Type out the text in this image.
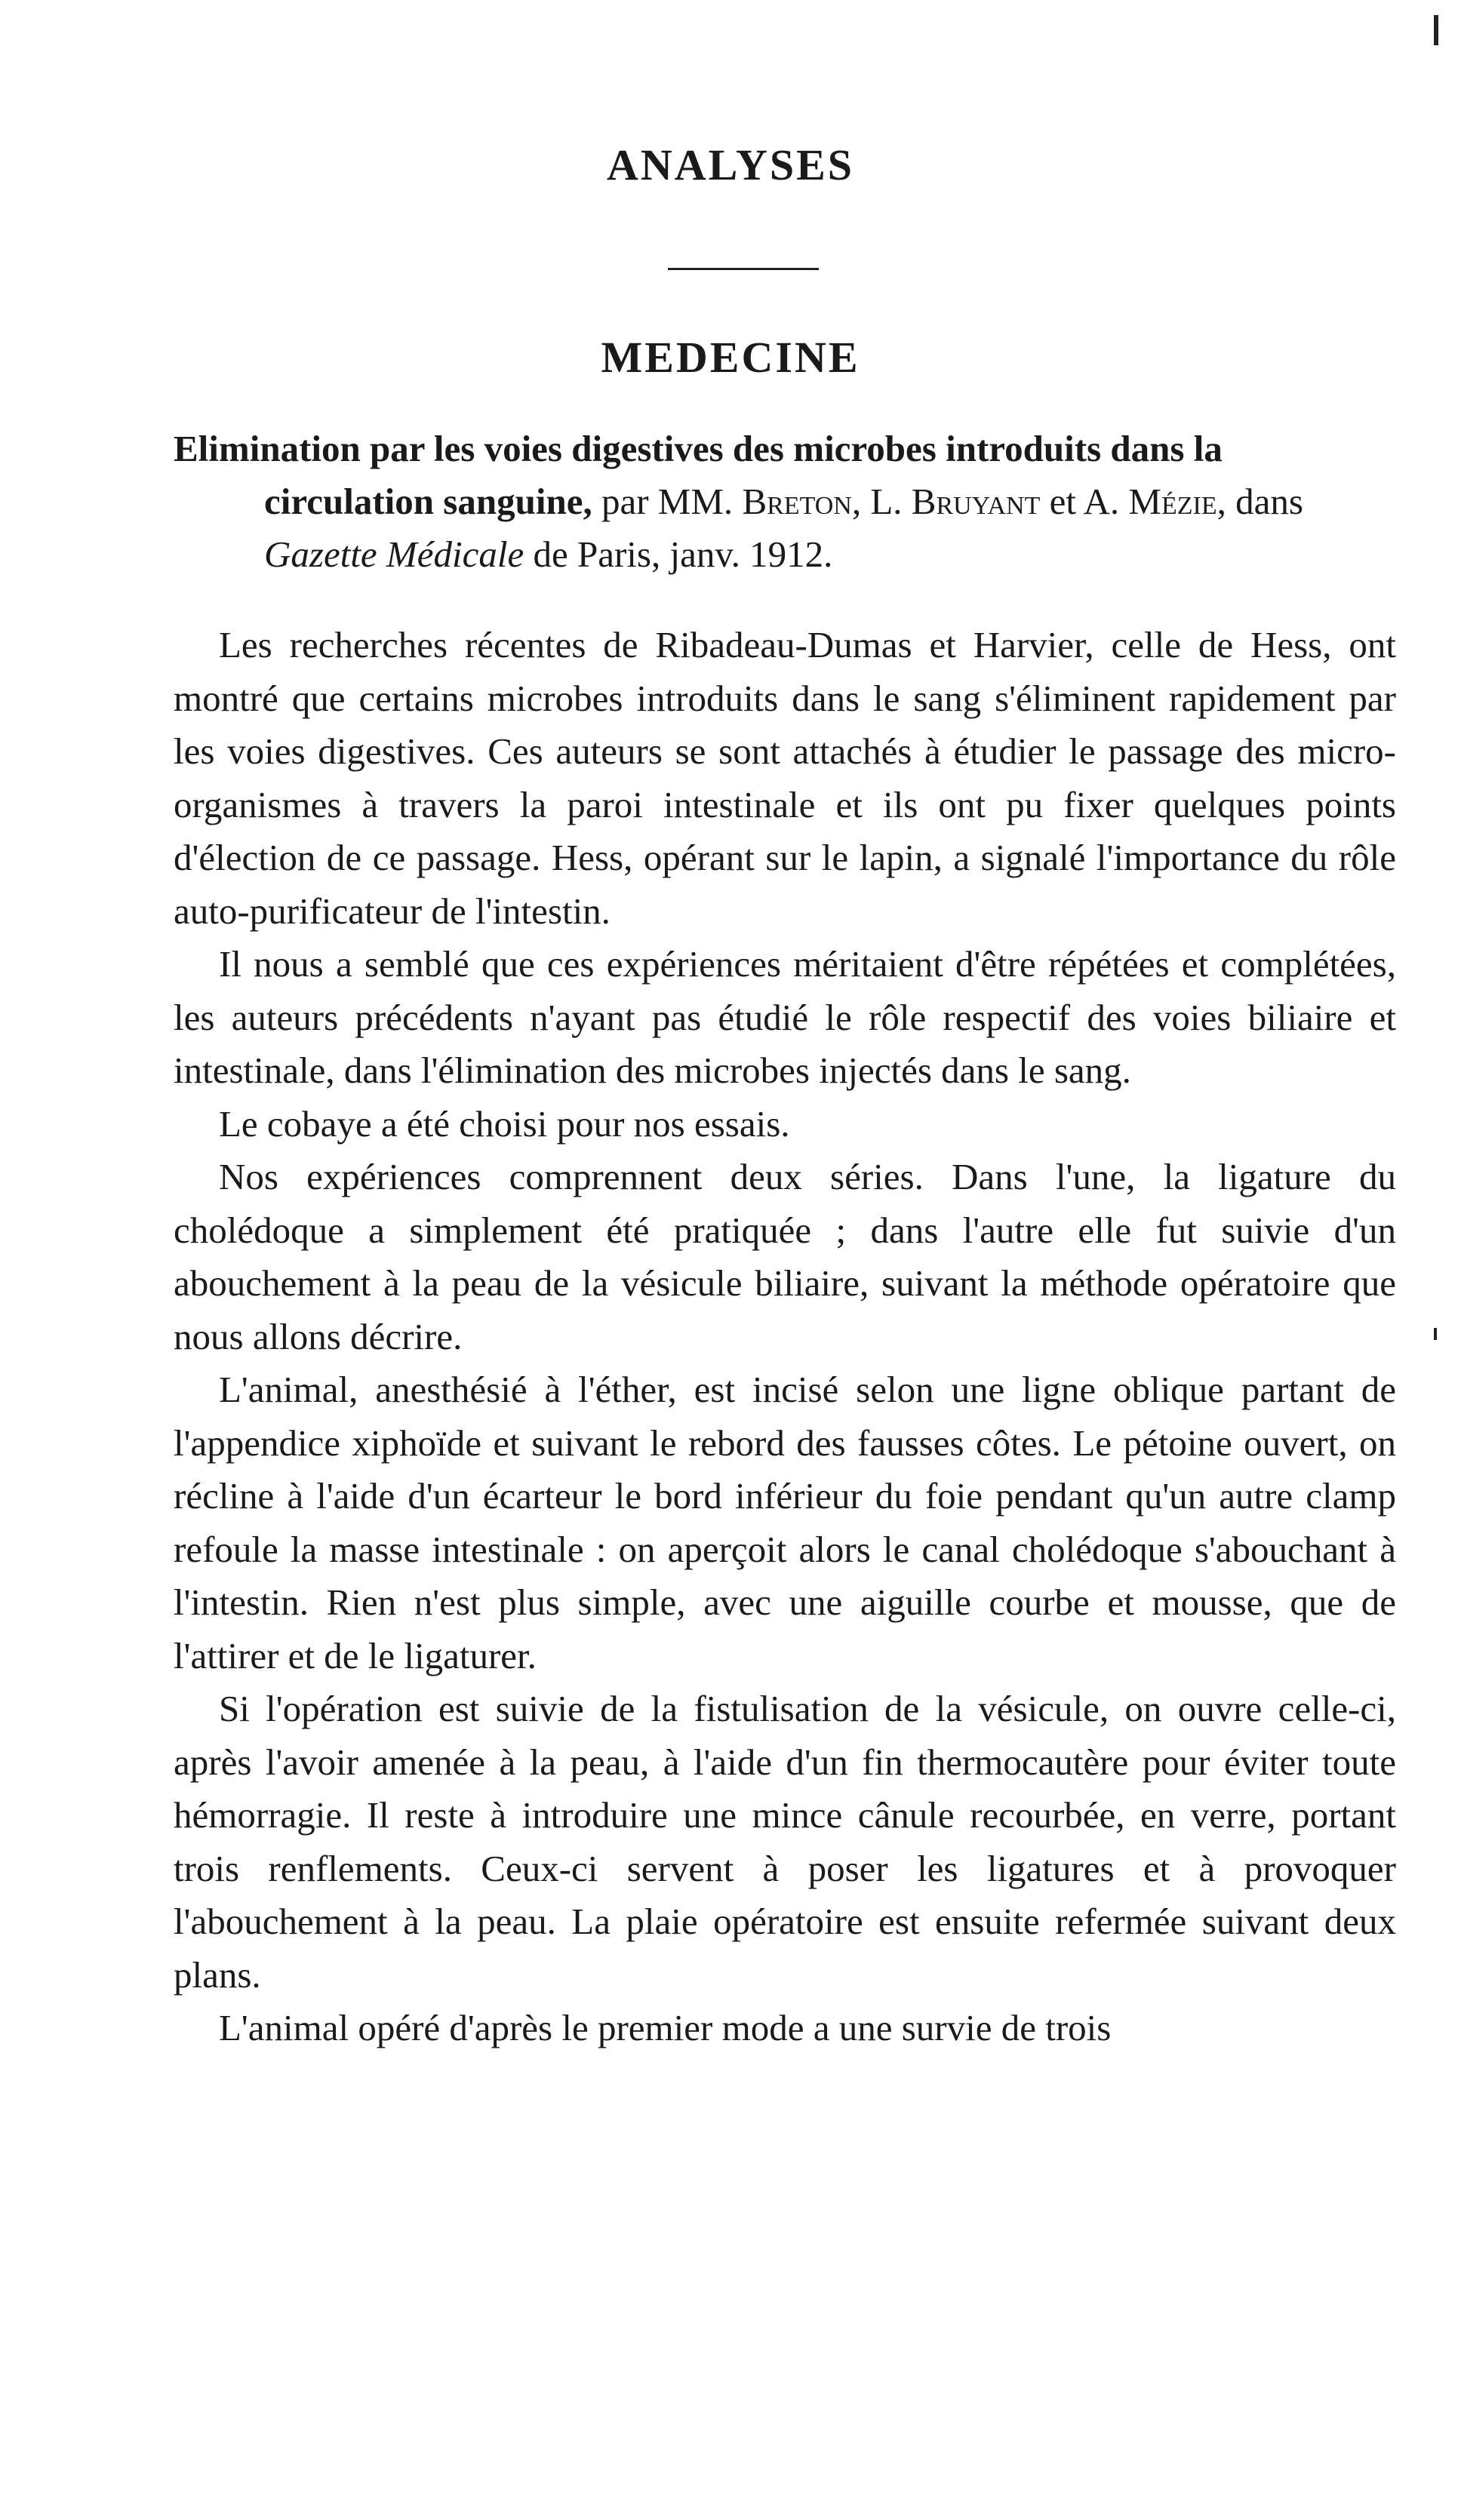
ANALYSES
MEDECINE

Elimination par les voies digestives des microbes introduits dans la circulation sanguine, par MM. Breton, L. Bruyant et A. Mézie, dans Gazette Médicale de Paris, janv. 1912.

Les recherches récentes de Ribadeau-Dumas et Harvier, celle de Hess, ont montré que certains microbes introduits dans le sang s'éliminent rapidement par les voies digestives. Ces auteurs se sont attachés à étudier le passage des micro-organismes à travers la paroi intestinale et ils ont pu fixer quelques points d'élection de ce passage. Hess, opérant sur le lapin, a signalé l'importance du rôle auto-purificateur de l'intestin.

Il nous a semblé que ces expériences méritaient d'être répétées et complétées, les auteurs précédents n'ayant pas étudié le rôle respectif des voies biliaire et intestinale, dans l'élimination des microbes injectés dans le sang.

Le cobaye a été choisi pour nos essais.

Nos expériences comprennent deux séries. Dans l'une, la ligature du cholédoque a simplement été pratiquée ; dans l'autre elle fut suivie d'un abouchement à la peau de la vésicule biliaire, suivant la méthode opératoire que nous allons décrire.

L'animal, anesthésié à l'éther, est incisé selon une ligne oblique partant de l'appendice xiphoïde et suivant le rebord des fausses côtes. Le pétoine ouvert, on récline à l'aide d'un écarteur le bord inférieur du foie pendant qu'un autre clamp refoule la masse intestinale : on aperçoit alors le canal cholédoque s'abouchant à l'intestin. Rien n'est plus simple, avec une aiguille courbe et mousse, que de l'attirer et de le ligaturer.

Si l'opération est suivie de la fistulisation de la vésicule, on ouvre celle-ci, après l'avoir amenée à la peau, à l'aide d'un fin thermocautère pour éviter toute hémorragie. Il reste à introduire une mince cânule recourbée, en verre, portant trois renflements. Ceux-ci servent à poser les ligatures et à provoquer l'abouchement à la peau. La plaie opératoire est ensuite refermée suivant deux plans.

L'animal opéré d'après le premier mode a une survie de trois
